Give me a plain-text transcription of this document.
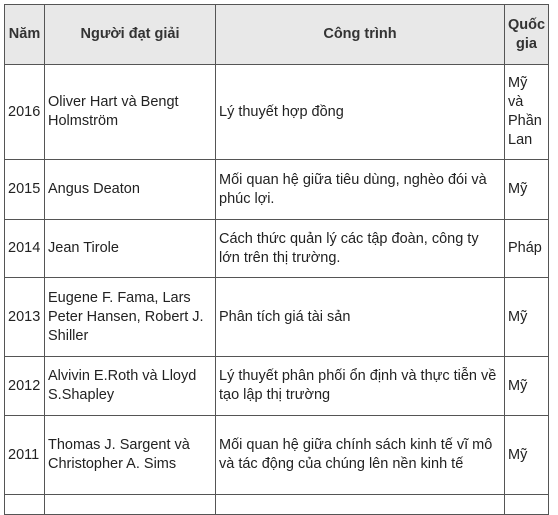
Năm	Người đạt giải	Công trình	Quốc gia
2016	Oliver Hart và Bengt Holmström	Lý thuyết hợp đồng	Mỹ và Phần Lan
2015	Angus Deaton	Mối quan hệ giữa tiêu dùng, nghèo đói và phúc lợi.	Mỹ
2014	Jean Tirole	Cách thức quản lý các tập đoàn, công ty lớn trên thị trường.	Pháp
2013	Eugene F. Fama, Lars Peter Hansen, Robert J. Shiller	Phân tích giá tài sản	Mỹ
2012	Alvivin E.Roth và Lloyd S.Shapley	Lý thuyết phân phối ổn định và thực tiễn về tạo lập thị trường	Mỹ
2011	Thomas J. Sargent và Christopher A. Sims	Mối quan hệ giữa chính sách kinh tế vĩ mô và tác động của chúng lên nền kinh tế	Mỹ
